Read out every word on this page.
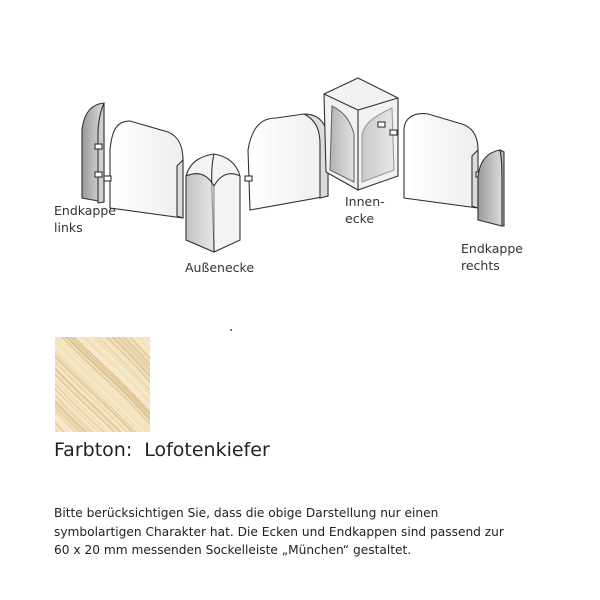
Endkappe
links
Außenecke
Innen-
ecke
Endkappe
rechts
Farbton: Lofotenkiefer
Bitte berücksichtigen Sie, dass die obige Darstellung nur einen
symbolartigen Charakter hat. Die Ecken und Endkappen sind passend zur
60 x 20 mm messenden Sockelleiste „München“ gestaltet.
